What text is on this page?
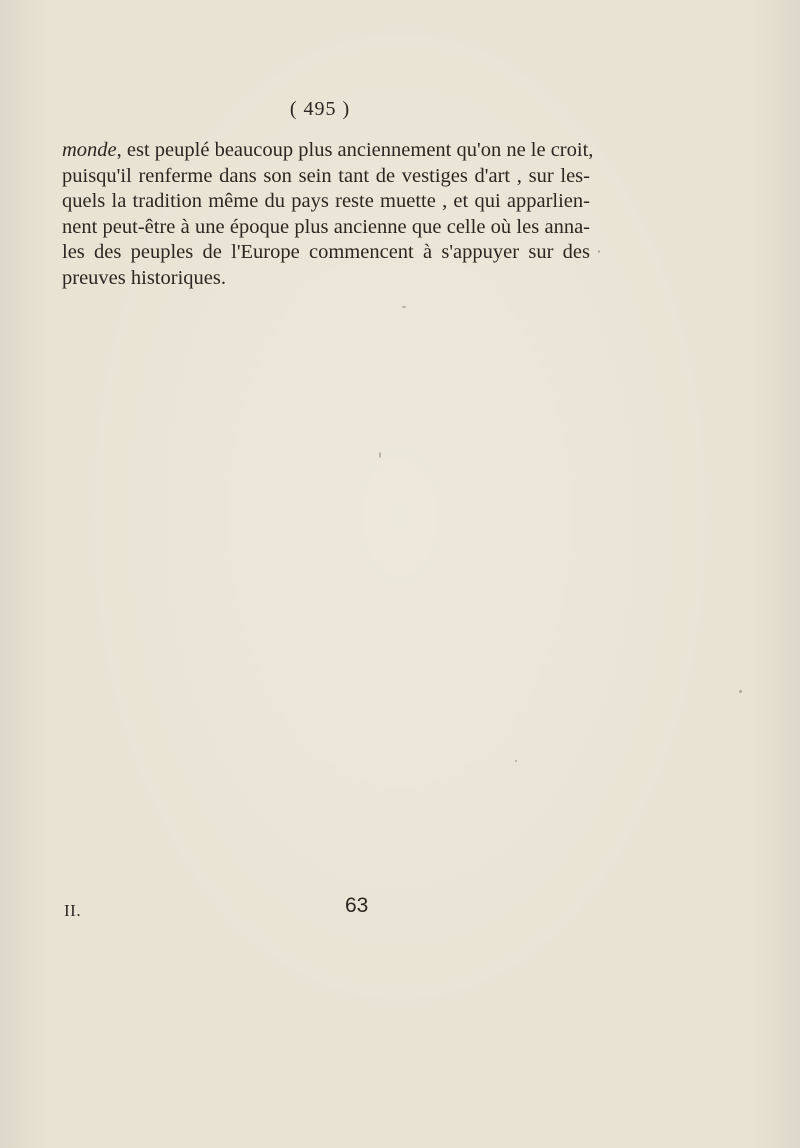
( 495 )
monde, est peuplé beaucoup plus anciennement qu'on ne le croit,
puisqu'il renferme dans son sein tant de vestiges d'art , sur les-
quels la tradition même du pays reste muette , et qui apparlien-
nent peut-être à une époque plus ancienne que celle où les anna-
les des peuples de l'Europe commencent à s'appuyer sur des
preuves historiques.
II.	63
